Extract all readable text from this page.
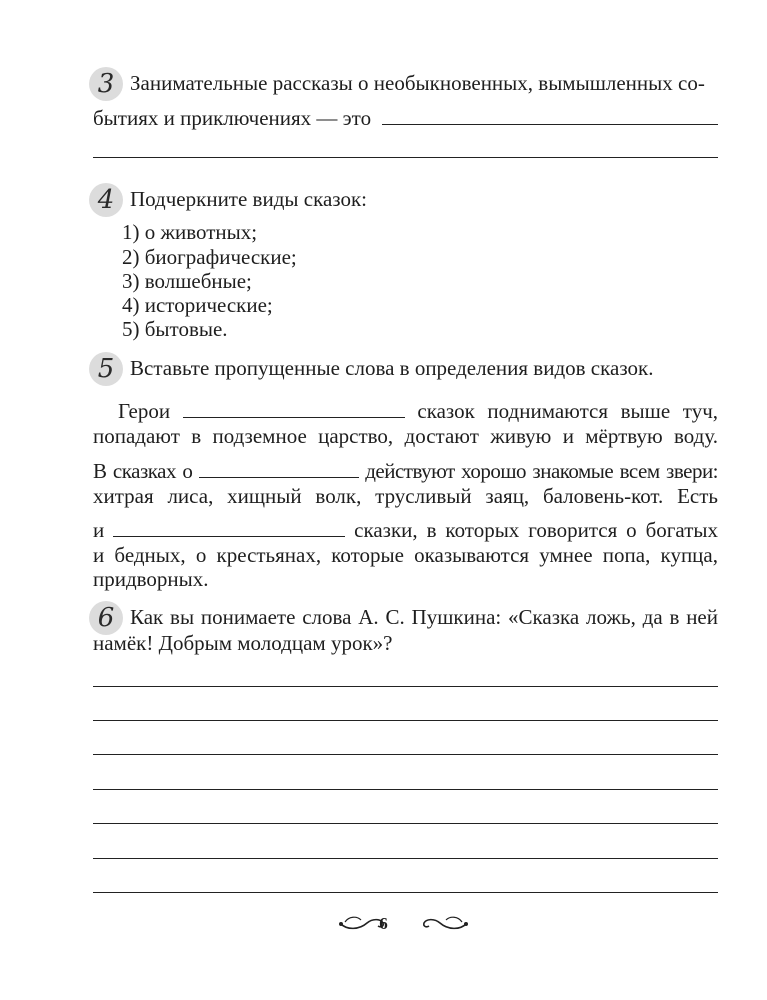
3 Занимательные рассказы о необыкновенных, вымышленных со-
бытиях и приключениях — это
4 Подчеркните виды сказок:
1) о животных;
2) биографические;
3) волшебные;
4) исторические;
5) бытовые.
5 Вставьте пропущенные слова в определения видов сказок.
Герои	сказок поднимаются выше туч,
попадают в подземное царство, достают живую и мёртвую воду.
В сказках о	действуют хорошо знакомые всем звери:
хитрая лиса, хищный волк, трусливый заяц, баловень-кот. Есть
и	сказки, в которых говорится о богатых
и бедных, о крестьянах, которые оказываются умнее попа, купца,
придворных.
6 Как вы понимаете слова А. С. Пушкина: «Сказка ложь, да в ней
намёк! Добрым молодцам урок»?
6
